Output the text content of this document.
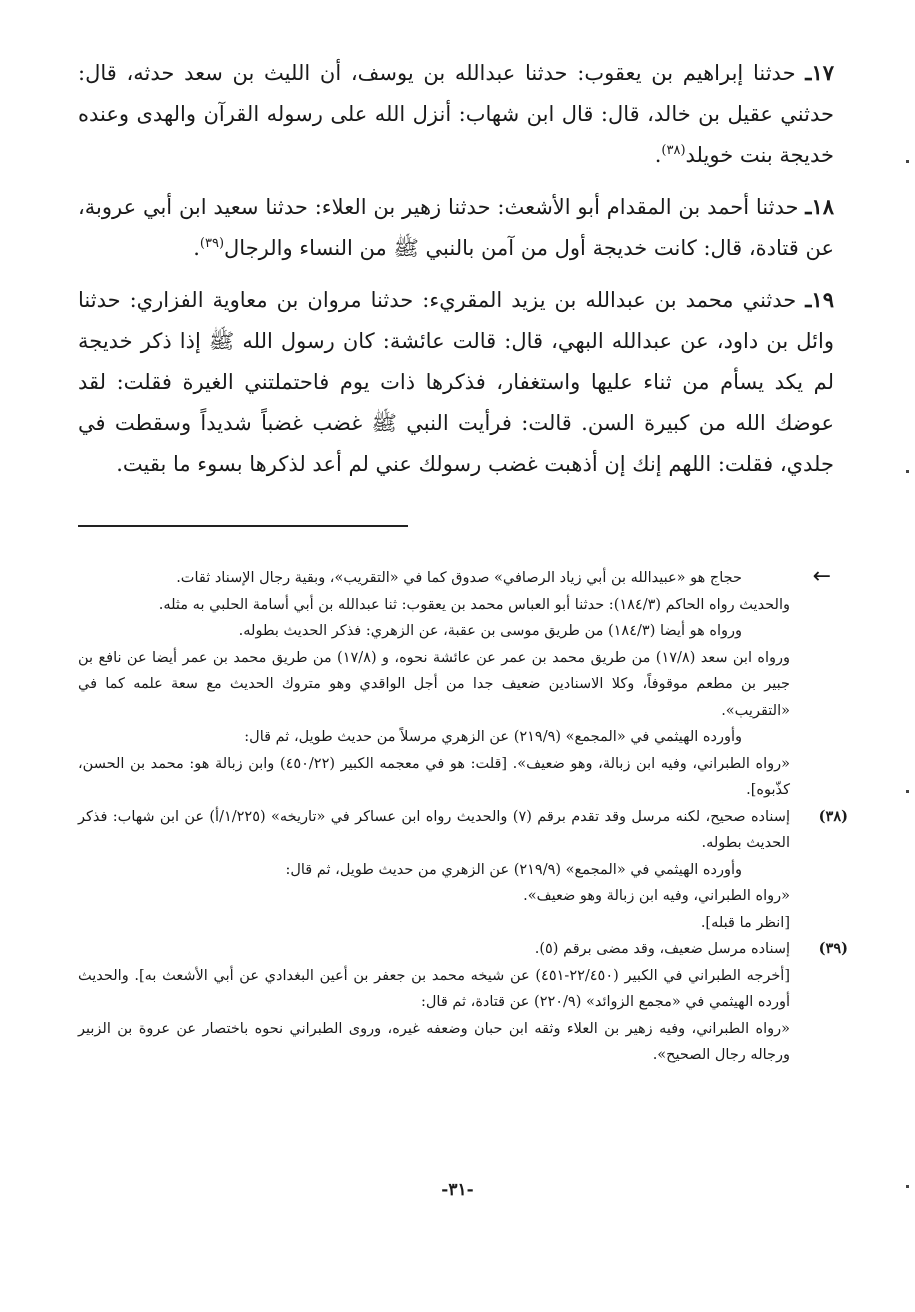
١٧ـ حدثنا إبراهيم بن يعقوب: حدثنا عبدالله بن يوسف، أن الليث بن سعد حدثه، قال: حدثني عقيل بن خالد، قال: قال ابن شهاب: أنزل الله على رسوله القرآن والهدى وعنده خديجة بنت خويلد$^{(٣٨)}$.

١٨ـ حدثنا أحمد بن المقدام أبو الأشعث: حدثنا زهير بن العلاء: حدثنا سعيد ابن أبي عروبة، عن قتادة، قال: كانت خديجة أول من آمن بالنبي ﷺ من النساء والرجال$^{(٣٩)}$.

١٩ـ حدثني محمد بن عبدالله بن يزيد المقريء: حدثنا مروان بن معاوية الفزاري: حدثنا وائل بن داود، عن عبدالله البهي، قال: قالت عائشة: كان رسول الله ﷺ إذا ذكر خديجة لم يكد يسأم من ثناء عليها واستغفار، فذكرها ذات يوم فاحتملتني الغيرة فقلت: لقد عوضك الله من كبيرة السن. قالت: فرأيت النبي ﷺ غضب غضباً شديداً وسقطت في جلدي، فقلت: اللهم إنك إن أذهبت غضب رسولك عني لم أعد لذكرها بسوء ما بقيت.

←

حجاج هو «عبيدالله بن أبي زياد الرصافي» صدوق كما في «التقريب»، وبقية رجال الإسناد ثقات.

والحديث رواه الحاكم (١٨٤/٣): حدثنا أبو العباس محمد بن يعقوب: ثنا عبدالله بن أبي أسامة الحلبي به مثله.

ورواه هو أيضا (١٨٤/٣) من طريق موسى بن عقبة، عن الزهري: فذكر الحديث بطوله.

ورواه ابن سعد (١٧/٨) من طريق محمد بن عمر عن عائشة نحوه، و (١٧/٨) من طريق محمد بن عمر أيضا عن نافع بن جبير بن مطعم موقوفاً، وكلا الاسنادين ضعيف جدا من أجل الواقدي وهو متروك الحديث مع سعة علمه كما في «التقريب».

وأورده الهيثمي في «المجمع» (٢١٩/٩) عن الزهري مرسلاً من حديث طويل، ثم قال:

«رواه الطبراني، وفيه ابن زبالة، وهو ضعيف». [قلت: هو في معجمه الكبير (٤٥٠/٢٢) وابن زبالة هو: محمد بن الحسن، كذّبوه].

(٣٨)

إسناده صحيح، لكنه مرسل وقد تقدم برقم (٧) والحديث رواه ابن عساكر في «تاريخه» (١/٢٢٥/أ) عن ابن شهاب: فذكر الحديث بطوله.

وأورده الهيثمي في «المجمع» (٢١٩/٩) عن الزهري من حديث طويل، ثم قال:

«رواه الطبراني، وفيه ابن زبالة وهو ضعيف».

[انظر ما قبله].

(٣٩)

إسناده مرسل ضعيف، وقد مضى برقم (٥).

[أخرجه الطبراني في الكبير (٢٢/٤٥٠-٤٥١) عن شيخه محمد بن جعفر بن أعين البغدادي عن أبي الأشعث به]. والحديث أورده الهيثمي في «مجمع الزوائد» (٢٢٠/٩) عن قتادة، ثم قال:

«رواه الطبراني، وفيه زهير بن العلاء وثقه ابن حبان وضعفه غيره، وروى الطبراني نحوه باختصار عن عروة بن الزبير ورجاله رجال الصحيح».

-٣١-
